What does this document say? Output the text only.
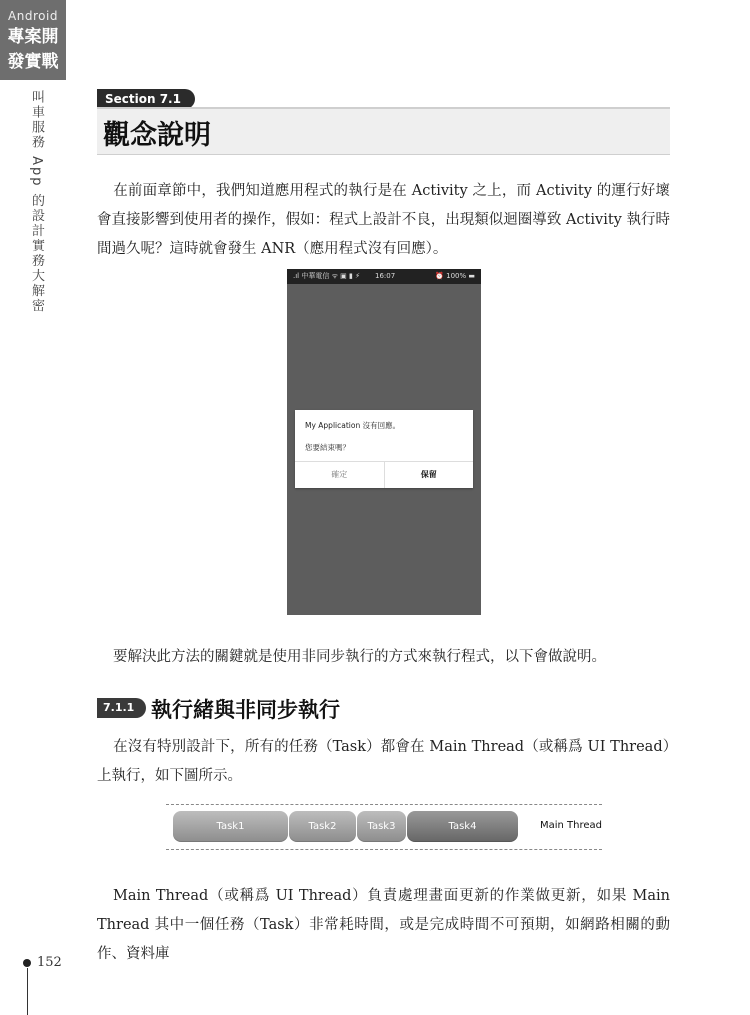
Android
專案開
發實戰
叫車服務 App 的設計實務大解密
152
Section 7.1
觀念說明
在前面章節中，我們知道應用程式的執行是在 Activity 之上，而 Activity 的運行好壞會直接影響到使用者的操作，假如：程式上設計不良，出現類似迴圈導致 Activity 執行時間過久呢？這時就會發生 ANR（應用程式沒有回應）。
.ıl 中華電信 ᯤ ▣ ▮ ⚡ 16:07	⏰ 100% ▬
My Application 沒有回應。
您要結束嗎？
確定	保留
要解決此方法的關鍵就是使用非同步執行的方式來執行程式，以下會做說明。
7.1.1 執行緒與非同步執行
在沒有特別設計下，所有的任務（Task）都會在 Main Thread（或稱爲 UI Thread）上執行，如下圖所示。
Task1	Task2	Task3	Task4	Main Thread
Main Thread（或稱爲 UI Thread）負責處理畫面更新的作業做更新，如果 Main Thread 其中一個任務（Task）非常耗時間，或是完成時間不可預期，如網路相關的動作、資料庫
